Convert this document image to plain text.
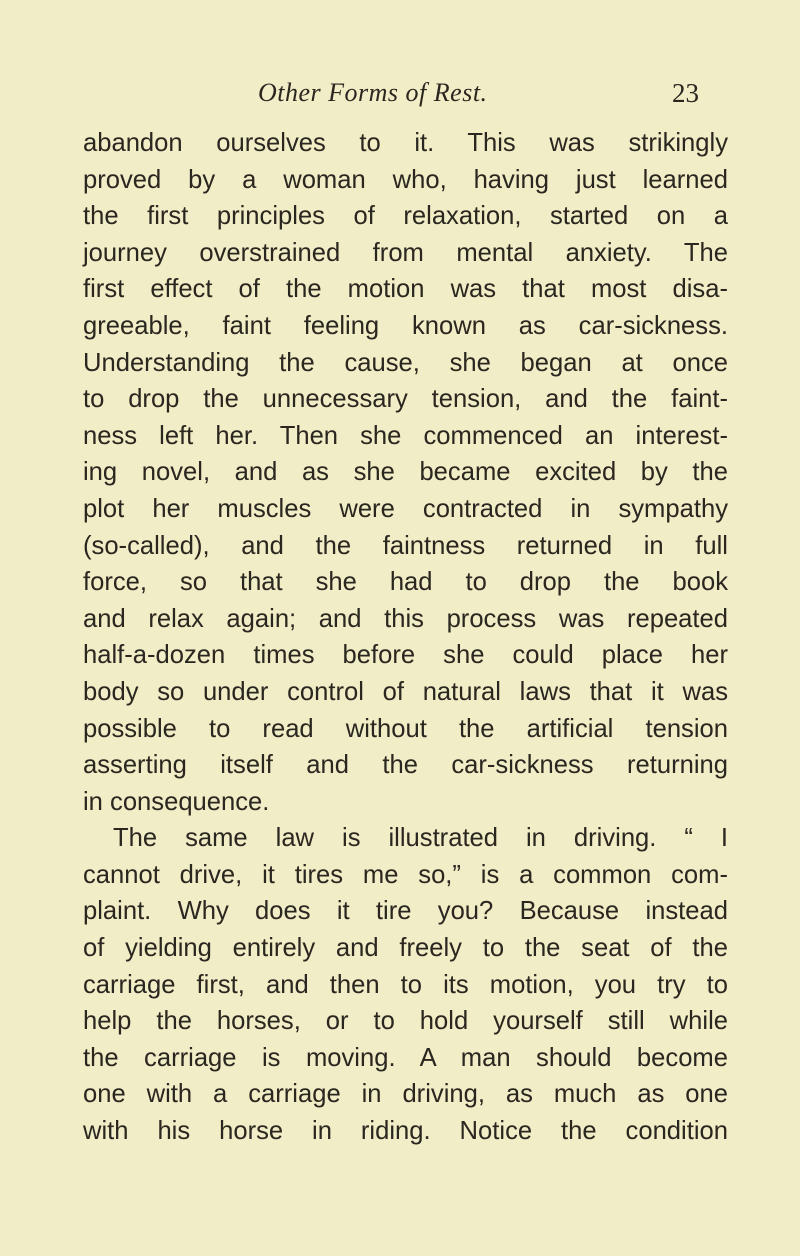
Other Forms of Rest.	23
abandon ourselves to it. This was strikingly
proved by a woman who, having just learned
the first principles of relaxation, started on a
journey overstrained from mental anxiety. The
first effect of the motion was that most disa-
greeable, faint feeling known as car-sickness.
Understanding the cause, she began at once
to drop the unnecessary tension, and the faint-
ness left her. Then she commenced an interest-
ing novel, and as she became excited by the
plot her muscles were contracted in sympathy
(so-called), and the faintness returned in full
force, so that she had to drop the book
and relax again; and this process was repeated
half-a-dozen times before she could place her
body so under control of natural laws that it was
possible to read without the artificial tension
asserting itself and the car-sickness returning
in consequence.
The same law is illustrated in driving. “ I
cannot drive, it tires me so,” is a common com-
plaint. Why does it tire you? Because instead
of yielding entirely and freely to the seat of the
carriage first, and then to its motion, you try to
help the horses, or to hold yourself still while
the carriage is moving. A man should become
one with a carriage in driving, as much as one
with his horse in riding. Notice the condition
